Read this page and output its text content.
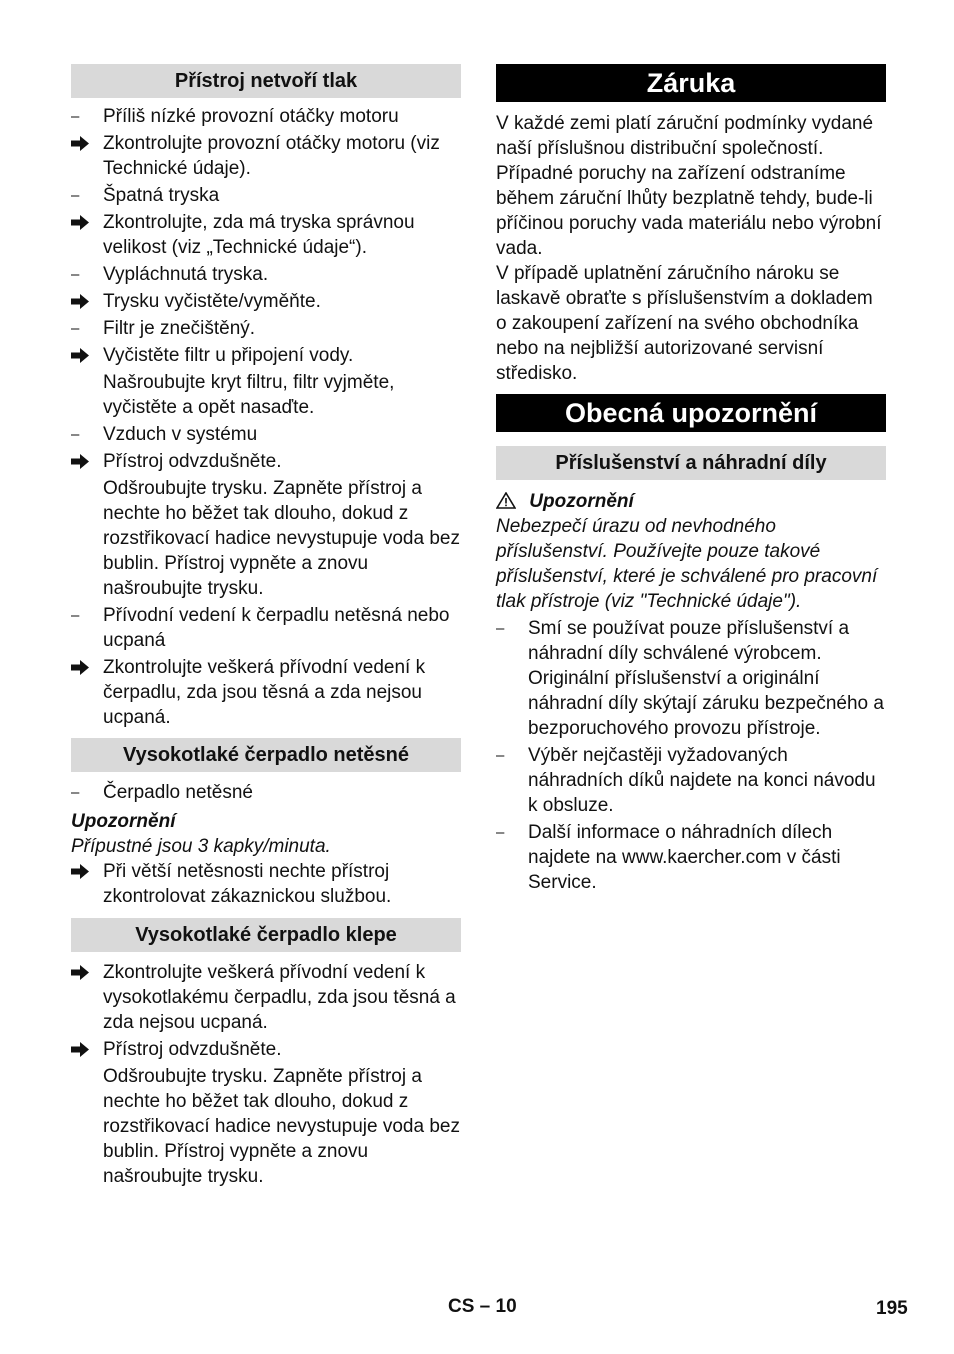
Přístroj netvoří tlak
–	Příliš nízké provozní otáčky motoru
Zkontrolujte provozní otáčky motoru (viz Technické údaje).
–	Špatná tryska
Zkontrolujte, zda má tryska správnou velikost (viz „Technické údaje“).
–	Vypláchnutá tryska.
Trysku vyčistěte/vyměňte.
–	Filtr je znečištěný.
Vyčistěte filtr u připojení vody.
Našroubujte kryt filtru, filtr vyjměte, vyčistěte a opět nasaďte.
–	Vzduch v systému
Přístroj odvzdušněte.
Odšroubujte trysku. Zapněte přístroj a nechte ho běžet tak dlouho, dokud z rozstřikovací hadice nevystupuje voda bez bublin. Přístroj vypněte a znovu našroubujte trysku.
–	Přívodní vedení k čerpadlu netěsná nebo ucpaná
Zkontrolujte veškerá přívodní vedení k čerpadlu, zda jsou těsná a zda nejsou ucpaná.
Vysokotlaké čerpadlo netěsné
–	Čerpadlo netěsné
Upozornění
Přípustné jsou 3 kapky/minuta.
Při větší netěsnosti nechte přístroj zkontrolovat zákaznickou službou.
Vysokotlaké čerpadlo klepe
Zkontrolujte veškerá přívodní vedení k vysokotlakému čerpadlu, zda jsou těsná a zda nejsou ucpaná.
Přístroj odvzdušněte.
Odšroubujte trysku. Zapněte přístroj a nechte ho běžet tak dlouho, dokud z rozstřikovací hadice nevystupuje voda bez bublin. Přístroj vypněte a znovu našroubujte trysku.
Záruka
V každé zemi platí záruční podmínky vydané naší příslušnou distribuční společností. Případné poruchy na zařízení odstraníme během záruční lhůty bezplatně tehdy, bude-li příčinou poruchy vada materiálu nebo výrobní vada.
V případě uplatnění záručního nároku se laskavě obraťte s příslušenstvím a dokladem o zakoupení zařízení na svého obchodníka nebo na nejbližší autorizované servisní středisko.
Obecná upozornění
Příslušenství a náhradní díly
Upozornění
Nebezpečí úrazu od nevhodného příslušenství. Používejte pouze takové příslušenství, které je schválené pro pracovní tlak přístroje (viz "Technické údaje").
–	Smí se používat pouze příslušenství a náhradní díly schválené výrobcem. Originální příslušenství a originální náhradní díly skýtají záruku bezpečného a bezporuchového provozu přístroje.
–	Výběr nejčastěji vyžadovaných náhradních díků najdete na konci návodu k obsluze.
–	Další informace o náhradních dílech najdete na www.kaercher.com v části Service.
CS – 10	195
